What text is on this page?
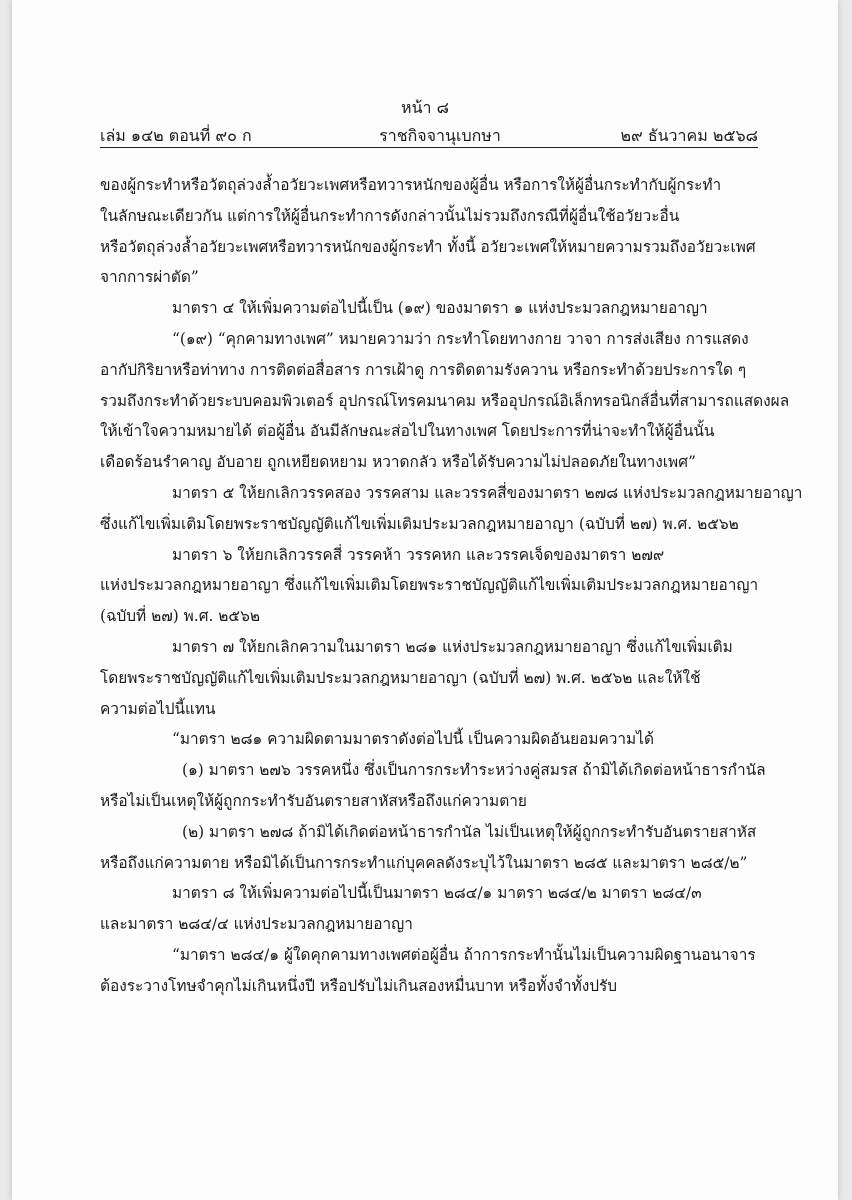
หน้า ๘
เล่ม ๑๔๒ ตอนที่ ๙๐ ก	ราชกิจจานุเบกษา	๒๙ ธันวาคม ๒๕๖๘
ของผู้กระทำหรือวัตถุล่วงล้ำอวัยวะเพศหรือทวารหนักของผู้อื่น หรือการให้ผู้อื่นกระทำกับผู้กระทำ
ในลักษณะเดียวกัน แต่การให้ผู้อื่นกระทำการดังกล่าวนั้นไม่รวมถึงกรณีที่ผู้อื่นใช้อวัยวะอื่น
หรือวัตถุล่วงล้ำอวัยวะเพศหรือทวารหนักของผู้กระทำ ทั้งนี้ อวัยวะเพศให้หมายความรวมถึงอวัยวะเพศ
จากการผ่าตัด”
มาตรา ๔ ให้เพิ่มความต่อไปนี้เป็น (๑๙) ของมาตรา ๑ แห่งประมวลกฎหมายอาญา
“(๑๙) “คุกคามทางเพศ” หมายความว่า กระทำโดยทางกาย วาจา การส่งเสียง การแสดง
อากัปกิริยาหรือท่าทาง การติดต่อสื่อสาร การเฝ้าดู การติดตามรังควาน หรือกระทำด้วยประการใด ๆ
รวมถึงกระทำด้วยระบบคอมพิวเตอร์ อุปกรณ์โทรคมนาคม หรืออุปกรณ์อิเล็กทรอนิกส์อื่นที่สามารถแสดงผล
ให้เข้าใจความหมายได้ ต่อผู้อื่น อันมีลักษณะส่อไปในทางเพศ โดยประการที่น่าจะทำให้ผู้อื่นนั้น
เดือดร้อนรำคาญ อับอาย ถูกเหยียดหยาม หวาดกลัว หรือได้รับความไม่ปลอดภัยในทางเพศ”
มาตรา ๕ ให้ยกเลิกวรรคสอง วรรคสาม และวรรคสี่ของมาตรา ๒๗๘ แห่งประมวลกฎหมายอาญา
ซึ่งแก้ไขเพิ่มเติมโดยพระราชบัญญัติแก้ไขเพิ่มเติมประมวลกฎหมายอาญา (ฉบับที่ ๒๗) พ.ศ. ๒๕๖๒
มาตรา ๖ ให้ยกเลิกวรรคสี่ วรรคห้า วรรคหก และวรรคเจ็ดของมาตรา ๒๗๙
แห่งประมวลกฎหมายอาญา ซึ่งแก้ไขเพิ่มเติมโดยพระราชบัญญัติแก้ไขเพิ่มเติมประมวลกฎหมายอาญา
(ฉบับที่ ๒๗) พ.ศ. ๒๕๖๒
มาตรา ๗ ให้ยกเลิกความในมาตรา ๒๘๑ แห่งประมวลกฎหมายอาญา ซึ่งแก้ไขเพิ่มเติม
โดยพระราชบัญญัติแก้ไขเพิ่มเติมประมวลกฎหมายอาญา (ฉบับที่ ๒๗) พ.ศ. ๒๕๖๒ และให้ใช้
ความต่อไปนี้แทน
“มาตรา ๒๘๑ ความผิดตามมาตราดังต่อไปนี้ เป็นความผิดอันยอมความได้
(๑) มาตรา ๒๗๖ วรรคหนึ่ง ซึ่งเป็นการกระทำระหว่างคู่สมรส ถ้ามิได้เกิดต่อหน้าธารกำนัล
หรือไม่เป็นเหตุให้ผู้ถูกกระทำรับอันตรายสาหัสหรือถึงแก่ความตาย
(๒) มาตรา ๒๗๘ ถ้ามิได้เกิดต่อหน้าธารกำนัล ไม่เป็นเหตุให้ผู้ถูกกระทำรับอันตรายสาหัส
หรือถึงแก่ความตาย หรือมิได้เป็นการกระทำแก่บุคคลดังระบุไว้ในมาตรา ๒๘๕ และมาตรา ๒๘๕/๒”
มาตรา ๘ ให้เพิ่มความต่อไปนี้เป็นมาตรา ๒๘๔/๑ มาตรา ๒๘๔/๒ มาตรา ๒๘๔/๓
และมาตรา ๒๘๔/๔ แห่งประมวลกฎหมายอาญา
“มาตรา ๒๘๔/๑ ผู้ใดคุกคามทางเพศต่อผู้อื่น ถ้าการกระทำนั้นไม่เป็นความผิดฐานอนาจาร
ต้องระวางโทษจำคุกไม่เกินหนึ่งปี หรือปรับไม่เกินสองหมื่นบาท หรือทั้งจำทั้งปรับ
